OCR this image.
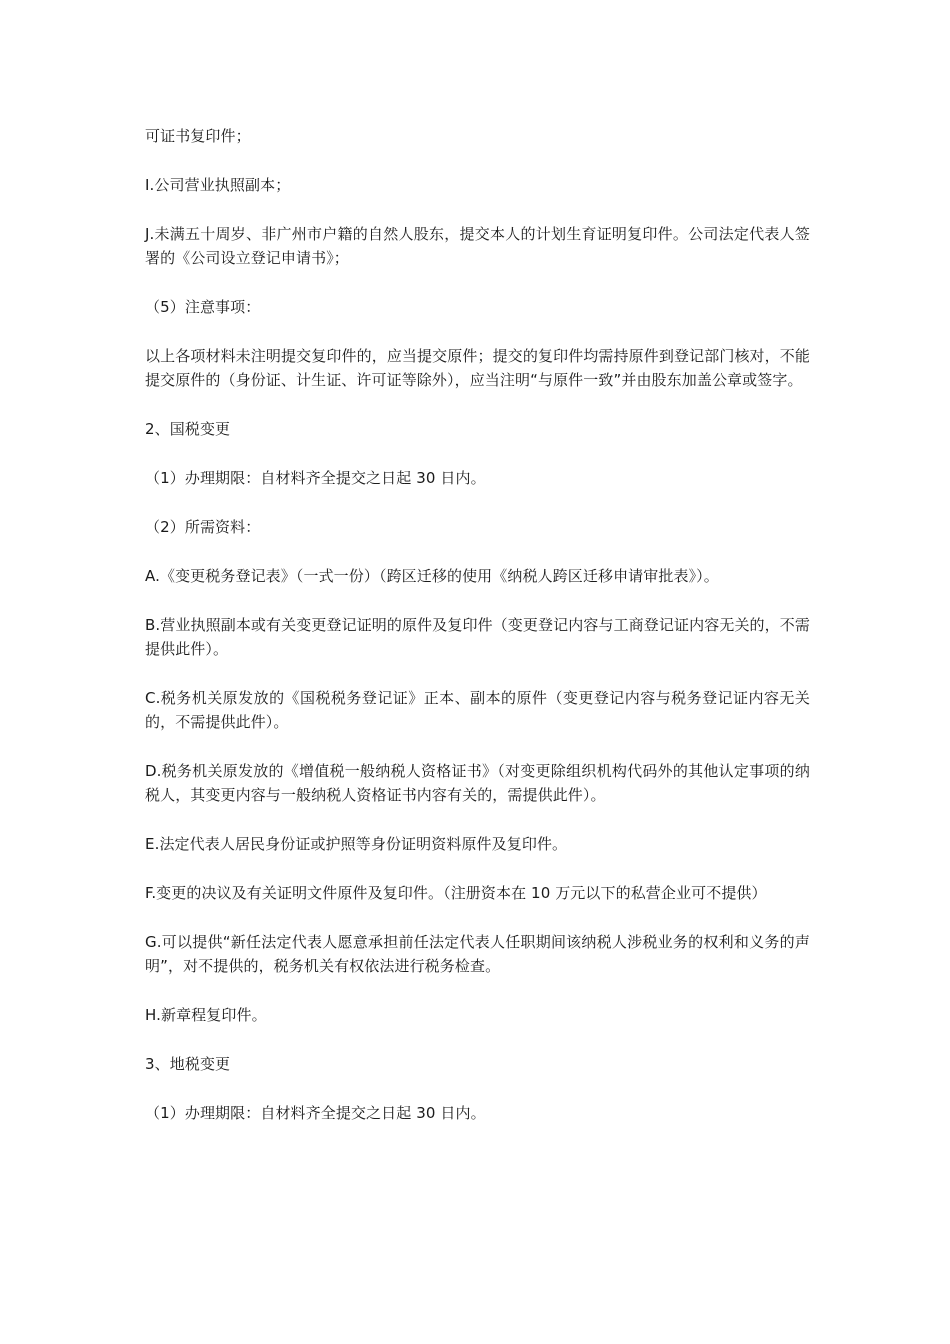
可证书复印件；

I.公司营业执照副本；

J.未满五十周岁、非广州市户籍的自然人股东，提交本人的计划生育证明复印件。公司法定代表人签署的《公司设立登记申请书》；

（5）注意事项：

以上各项材料未注明提交复印件的，应当提交原件；提交的复印件均需持原件到登记部门核对，不能提交原件的（身份证、计生证、许可证等除外），应当注明“与原件一致”并由股东加盖公章或签字。

2、国税变更

（1）办理期限：自材料齐全提交之日起 30 日内。

（2）所需资料：

A.《变更税务登记表》（一式一份）（跨区迁移的使用《纳税人跨区迁移申请审批表》）。

B.营业执照副本或有关变更登记证明的原件及复印件（变更登记内容与工商登记证内容无关的，不需提供此件）。

C.税务机关原发放的《国税税务登记证》正本、副本的原件（变更登记内容与税务登记证内容无关的，不需提供此件）。

D.税务机关原发放的《增值税一般纳税人资格证书》（对变更除组织机构代码外的其他认定事项的纳税人，其变更内容与一般纳税人资格证书内容有关的，需提供此件）。

E.法定代表人居民身份证或护照等身份证明资料原件及复印件。

F.变更的决议及有关证明文件原件及复印件。（注册资本在 10 万元以下的私营企业可不提供）

G.可以提供“新任法定代表人愿意承担前任法定代表人任职期间该纳税人涉税业务的权利和义务的声明”，对不提供的，税务机关有权依法进行税务检查。

H.新章程复印件。

3、地税变更

（1）办理期限：自材料齐全提交之日起 30 日内。
